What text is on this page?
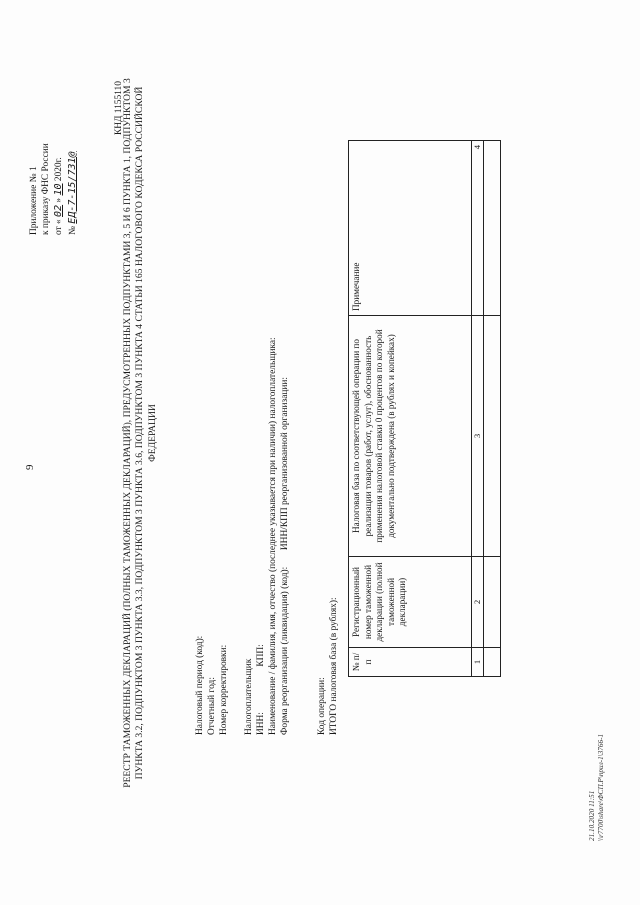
9
Приложение № 1 к приказу ФНС России от « 02 » 10 2020г.
№ ЕД-7-15/731@
КНД 1155110
РЕЕСТР ТАМОЖЕННЫХ ДЕКЛАРАЦИЙ (ПОЛНЫХ ТАМОЖЕННЫХ ДЕКЛАРАЦИЙ), ПРЕДУСМОТРЕННЫХ ПОДПУНКТАМИ 3, 5 И 6 ПУНКТА 1, ПОДПУНКТОМ 3 ПУНКТА 3.2, ПОДПУНКТОМ 3 ПУНКТА 3.3, ПОДПУНКТОМ 3 ПУНКТА 3.6, ПОДПУНКТОМ 3 ПУНКТА 4 СТАТЬИ 165 НАЛОГОВОГО КОДЕКСА РОССИЙСКОЙ ФЕДЕРАЦИИ
Налоговый период (код): Отчетный год: Номер корректировки: Налогоплательщик ИНН: КПП: Наименование / фамилия, имя, отчество (последнее указывается при наличии) налогоплательщика: Форма реорганизации (ликвидация) (код):  ИНН/КПП реорганизованной организации:
Код операции: ИТОГО налоговая база (в рублях): № п/п	Регистрационный номер таможенной декларации (полной таможенной декларации)	Налоговая база по соответствующей операции по реализации товаров (работ, услуг), обоснованность применения налоговой ставки 0 процентов по которой документально подтверждена (в рублях и копейках)	Примечание
1	2	3	4

21.10.2020 11:51 \\r7700\share\ФСП.Р\прил-1\3766-1
